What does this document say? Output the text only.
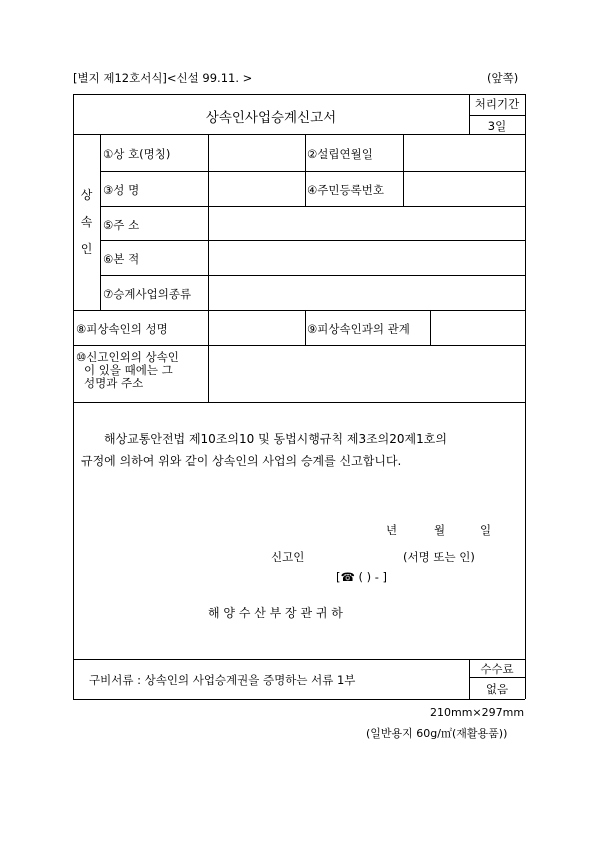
[별지 제12호서식]<신설 99.11. >	(앞쪽)
상속인사업승계신고서
처리기간
3일
상
속
인
①상 호(명칭)	②설립연월일
③성 명	④주민등록번호
⑤주 소
⑥본 적
⑦승계사업의종류
⑧피상속인의 성명	⑨피상속인과의 관계
⑩신고인외의 상속인
이 있을 때에는 그
성명과 주소
해상교통안전법 제10조의10 및 동법시행규칙 제3조의20제1호의
규정에 의하여 위와 같이 상속인의 사업의 승계를 신고합니다.
년	월	일
신고인	(서명 또는 인)
[☎ ( ) - ]
해 양 수 산 부 장 관 귀 하
구비서류 : 상속인의 사업승계권을 증명하는 서류 1부
수수료
없음
210mm×297mm
(일반용지 60g/㎡(재활용품))
